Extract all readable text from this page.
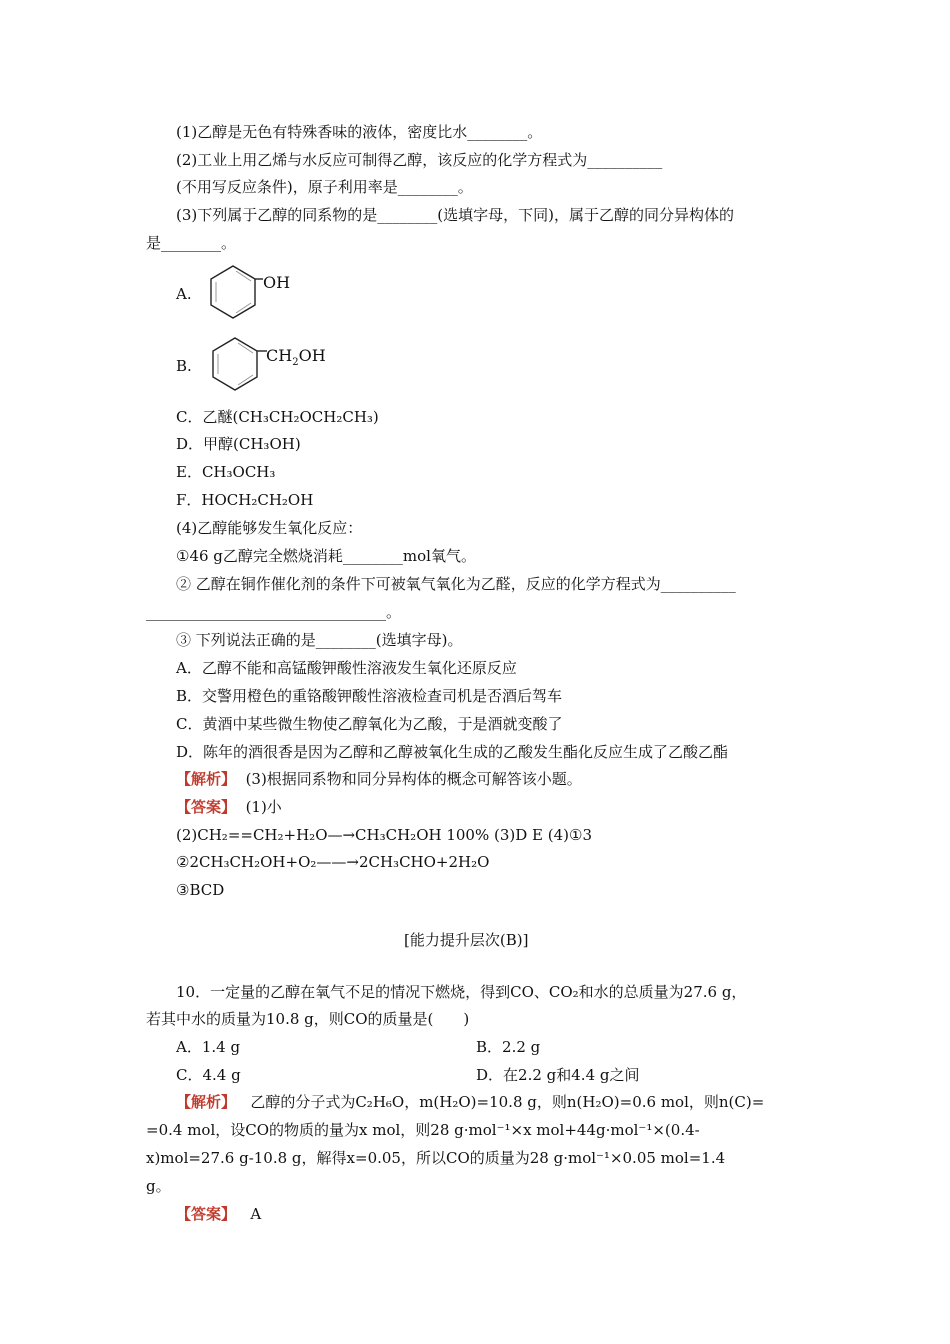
(1)乙醇是无色有特殊香味的液体，密度比水________。
(2)工业上用乙烯与水反应可制得乙醇，该反应的化学方程式为__________
(不用写反应条件)，原子利用率是________。
(3)下列属于乙醇的同系物的是________(选填字母，下同)，属于乙醇的同分异构体的
是________。
A.
OH
B.
$CH_2OH$
C．乙醚(CH₃CH₂OCH₂CH₃)
D．甲醇(CH₃OH)
E．CH₃OCH₃
F．HOCH₂CH₂OH
(4)乙醇能够发生氧化反应：
①46 g乙醇完全燃烧消耗________mol氧气。
② 乙醇在铜作催化剂的条件下可被氧气氧化为乙醛，反应的化学方程式为__________
________________________________。
③ 下列说法正确的是________(选填字母)。
A．乙醇不能和高锰酸钾酸性溶液发生氧化还原反应
B．交警用橙色的重铬酸钾酸性溶液检查司机是否酒后驾车
C．黄酒中某些微生物使乙醇氧化为乙酸，于是酒就变酸了
D．陈年的酒很香是因为乙醇和乙醇被氧化生成的乙酸发生酯化反应生成了乙酸乙酯
【解析】 (3)根据同系物和同分异构体的概念可解答该小题。
【答案】 (1)小
(2)CH₂==CH₂+H₂O—→CH₃CH₂OH 100% (3)D E (4)①3
②2CH₃CH₂OH+O₂——→2CH₃CHO+2H₂O
③BCD
[能力提升层次(B)]
10．一定量的乙醇在氧气不足的情况下燃烧，得到CO、CO₂和水的总质量为27.6 g，
若其中水的质量为10.8 g，则CO的质量是(　　)
A．1.4 g	B．2.2 g
C．4.4 g	D．在2.2 g和4.4 g之间
【解析】 乙醇的分子式为C₂H₆O，m(H₂O)=10.8 g，则n(H₂O)=0.6 mol，则n(C)=
=0.4 mol，设CO的物质的量为x mol，则28 g·mol⁻¹×x mol+44g·mol⁻¹×(0.4-
x)mol=27.6 g-10.8 g，解得x=0.05，所以CO的质量为28 g·mol⁻¹×0.05 mol=1.4
g。
【答案】 A
